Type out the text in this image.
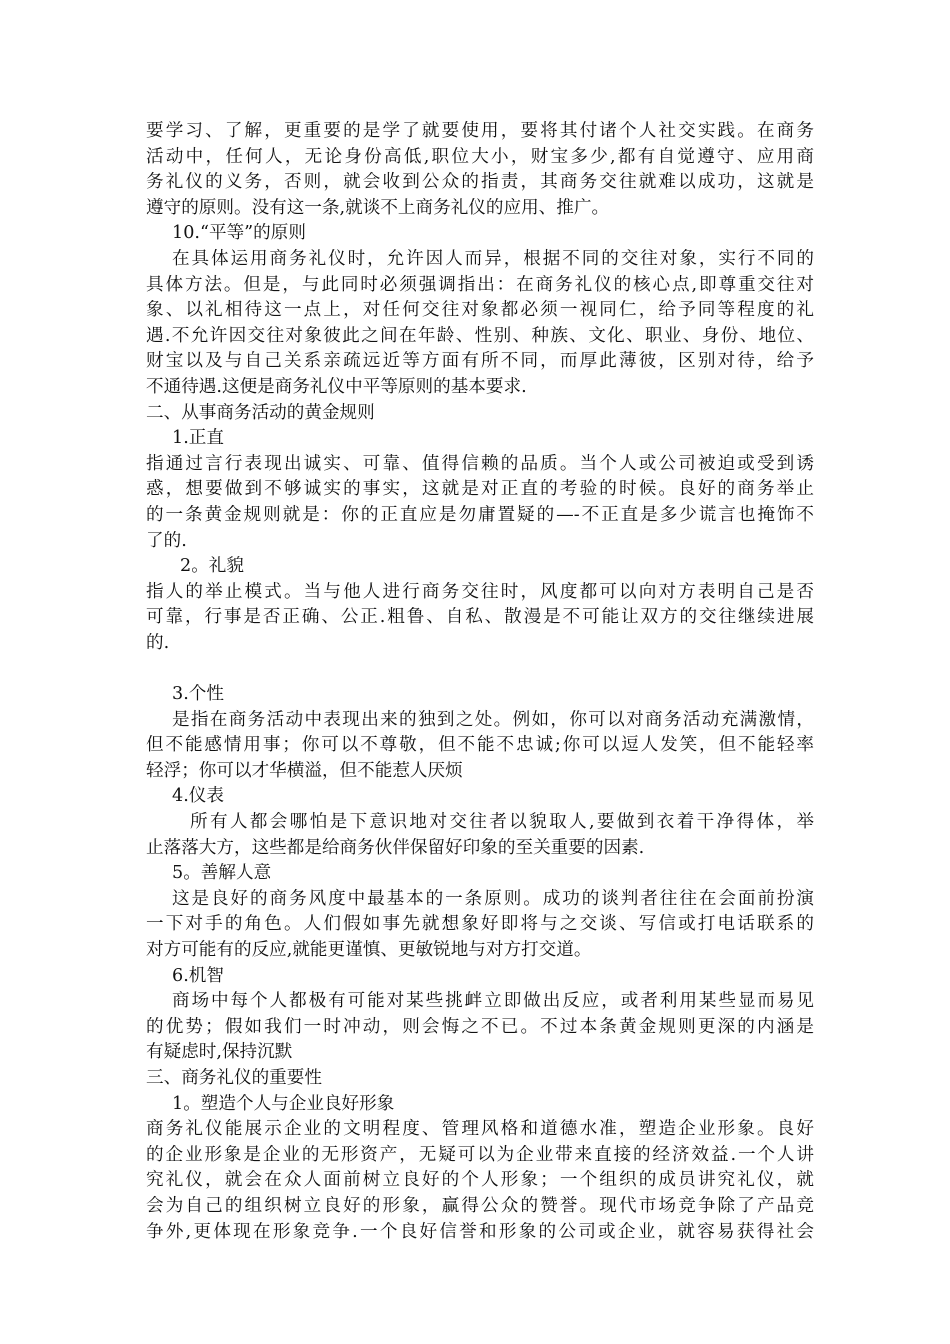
要学习、了解，更重要的是学了就要使用，要将其付诸个人社交实践。在商务
活动中，任何人，无论身份高低,职位大小，财宝多少,都有自觉遵守、应用商
务礼仪的义务，否则，就会收到公众的指责，其商务交往就难以成功，这就是
遵守的原则。没有这一条,就谈不上商务礼仪的应用、推广。
10.“平等”的原则
在具体运用商务礼仪时，允许因人而异，根据不同的交往对象，实行不同的
具体方法。但是，与此同时必须强调指出：在商务礼仪的核心点,即尊重交往对
象、以礼相待这一点上，对任何交往对象都必须一视同仁，给予同等程度的礼
遇.不允许因交往对象彼此之间在年龄、性别、种族、文化、职业、身份、地位、
财宝以及与自己关系亲疏远近等方面有所不同，而厚此薄彼，区别对待，给予
不通待遇.这便是商务礼仪中平等原则的基本要求.
二、从事商务活动的黄金规则
1.正直
指通过言行表现出诚实、可靠、值得信赖的品质。当个人或公司被迫或受到诱
惑，想要做到不够诚实的事实，这就是对正直的考验的时候。良好的商务举止
的一条黄金规则就是：你的正直应是勿庸置疑的—-不正直是多少谎言也掩饰不
了的.
2。礼貌
指人的举止模式。当与他人进行商务交往时，风度都可以向对方表明自己是否
可靠，行事是否正确、公正.粗鲁、自私、散漫是不可能让双方的交往继续进展
的.
3.个性
是指在商务活动中表现出来的独到之处。例如，你可以对商务活动充满激情，
但不能感情用事；你可以不尊敬，但不能不忠诚;你可以逗人发笑，但不能轻率
轻浮；你可以才华横溢，但不能惹人厌烦
4.仪表
所有人都会哪怕是下意识地对交往者以貌取人,要做到衣着干净得体，举
止落落大方，这些都是给商务伙伴保留好印象的至关重要的因素.
5。善解人意
这是良好的商务风度中最基本的一条原则。成功的谈判者往往在会面前扮演
一下对手的角色。人们假如事先就想象好即将与之交谈、写信或打电话联系的
对方可能有的反应,就能更谨慎、更敏锐地与对方打交道。
6.机智
商场中每个人都极有可能对某些挑衅立即做出反应，或者利用某些显而易见
的优势；假如我们一时冲动，则会悔之不已。不过本条黄金规则更深的内涵是
有疑虑时,保持沉默
三、商务礼仪的重要性
1。塑造个人与企业良好形象
商务礼仪能展示企业的文明程度、管理风格和道德水准，塑造企业形象。良好
的企业形象是企业的无形资产，无疑可以为企业带来直接的经济效益.一个人讲
究礼仪，就会在众人面前树立良好的个人形象；一个组织的成员讲究礼仪，就
会为自己的组织树立良好的形象，赢得公众的赞誉。现代市场竞争除了产品竞
争外,更体现在形象竞争.一个良好信誉和形象的公司或企业，就容易获得社会
